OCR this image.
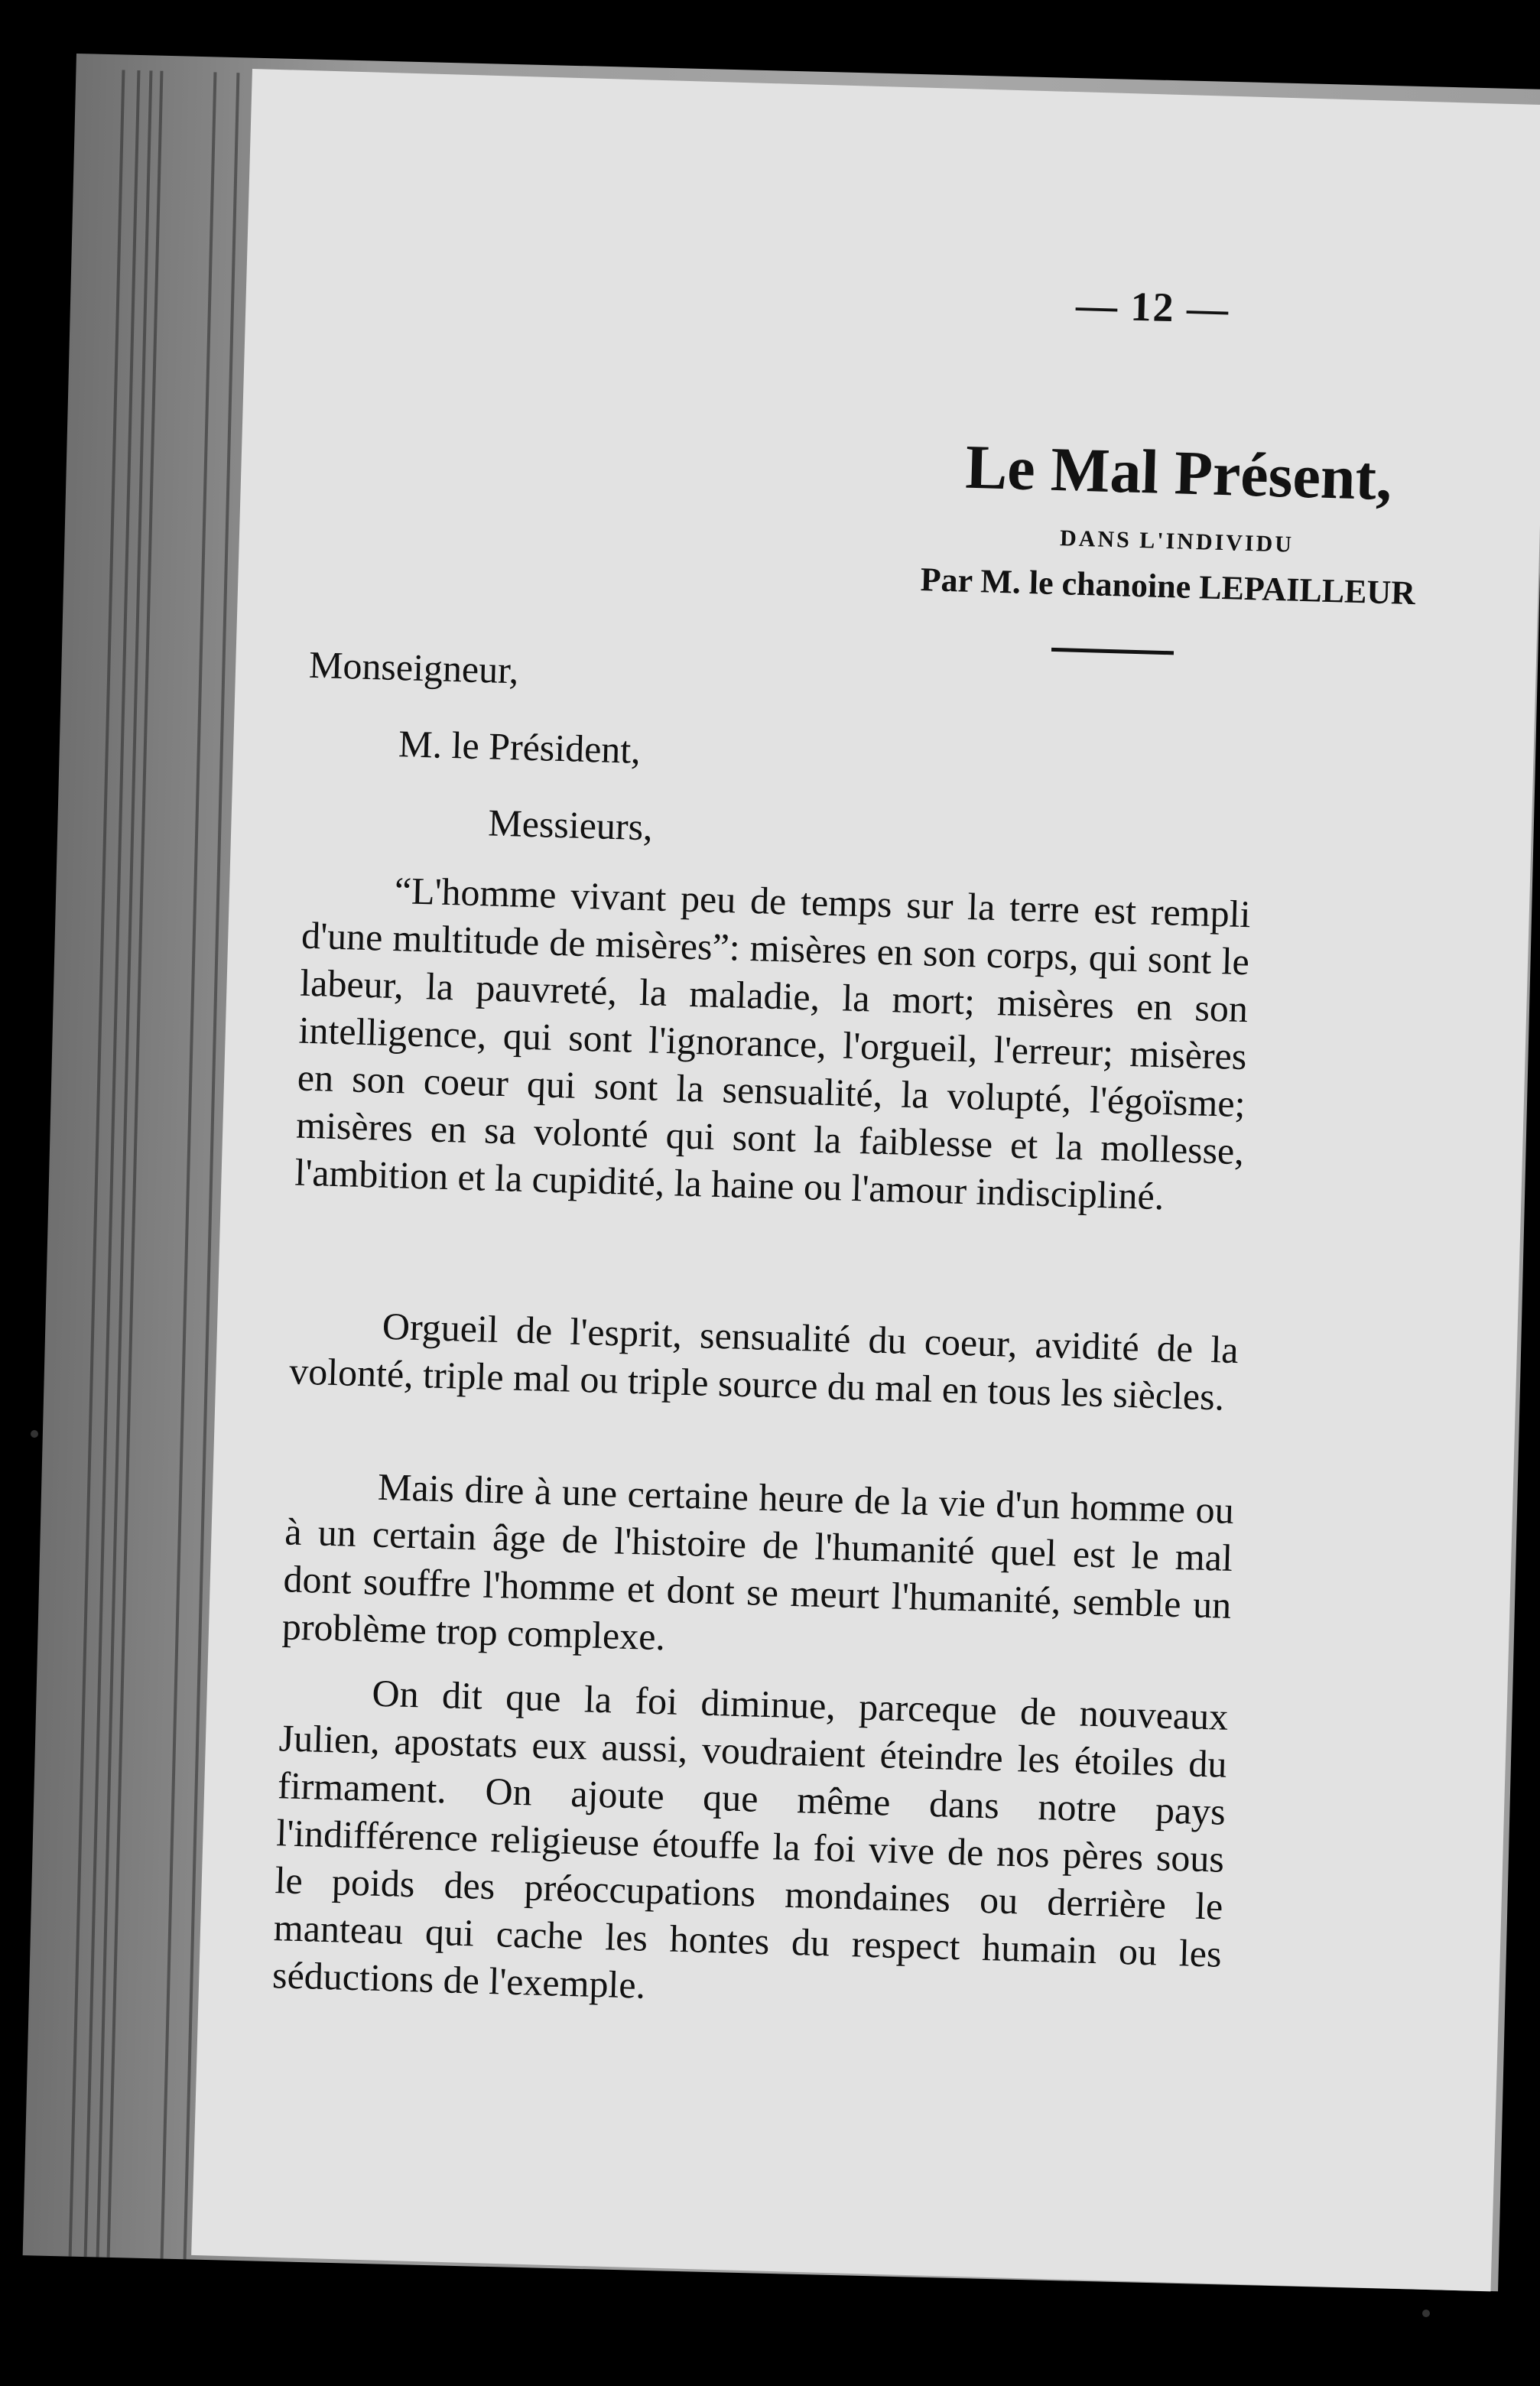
— 12 —
Le Mal Présent,
DANS L'INDIVIDU
Par M. le chanoine LEPAILLEUR
Monseigneur,
M. le Président,
Messieurs,
“L'homme vivant peu de temps sur la terre est rempli d'une multitude de misères”: misères en son corps, qui sont le labeur, la pauvreté, la maladie, la mort; misères en son intelligence, qui sont l'ignorance, l'orgueil, l'erreur; misères en son coeur qui sont la sensualité, la volupté, l'égoïsme; misères en sa volonté qui sont la faiblesse et la mollesse, l'ambition et la cupidité, la haine ou l'amour indiscipliné.
Orgueil de l'esprit, sensualité du coeur, avidité de la volonté, triple mal ou triple source du mal en tous les siècles.
Mais dire à une certaine heure de la vie d'un homme ou à un certain âge de l'histoire de l'humanité quel est le mal dont souffre l'homme et dont se meurt l'humanité, semble un problème trop complexe.
On dit que la foi diminue, parceque de nouveaux Julien, apostats eux aussi, voudraient éteindre les étoiles du firmament. On ajoute que même dans notre pays l'indifférence religieuse étouffe la foi vive de nos pères sous le poids des préoccupations mondaines ou derrière le manteau qui cache les hontes du respect humain ou les séductions de l'exemple.
